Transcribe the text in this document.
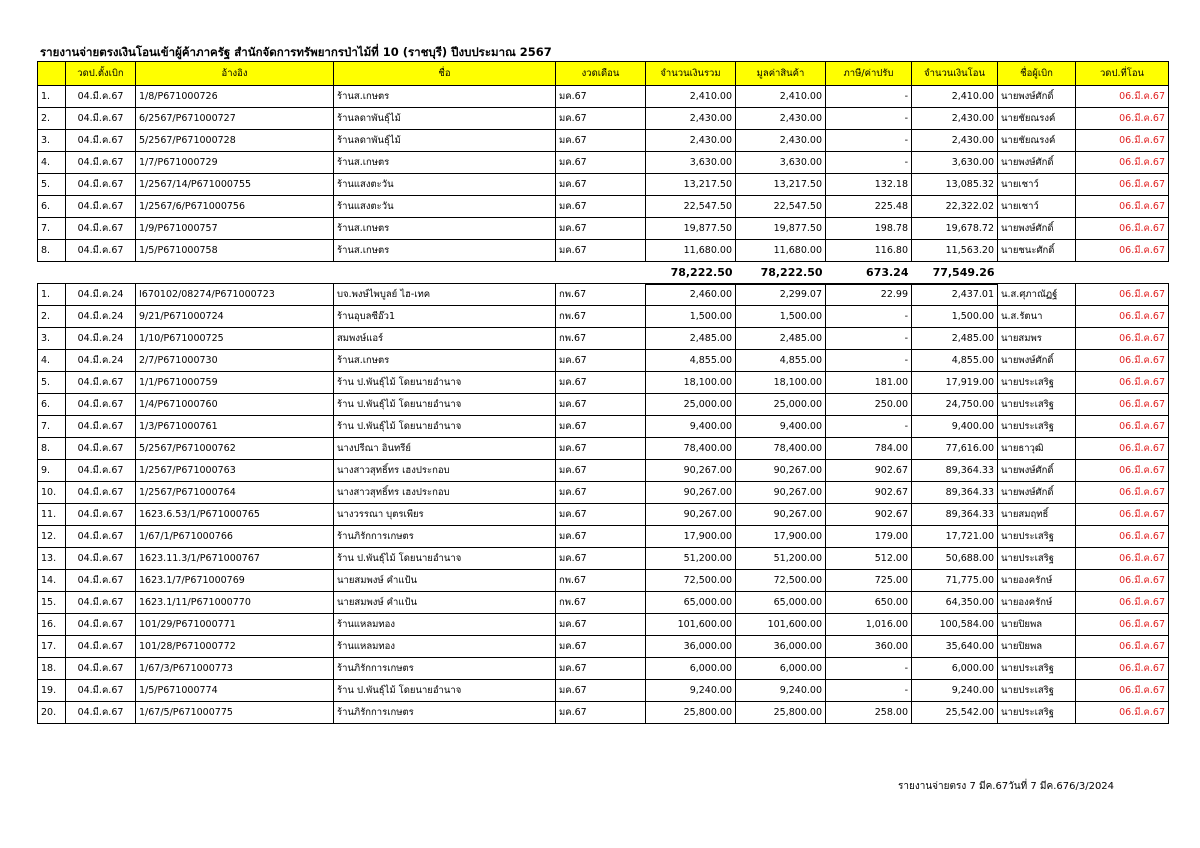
รายงานจ่ายตรงเงินโอนเข้าผู้ค้าภาครัฐ สำนักจัดการทรัพยากรป่าไม้ที่ 10 (ราชบุรี) ปีงบประมาณ 2567
	วดป.ตั้งเบิก	อ้างอิง	ชื่อ	งวดเดือน	จำนวนเงินรวม	มูลค่าสินค้า	ภาษี/ค่าปรับ	จำนวนเงินโอน	ชื่อผู้เบิก	วดป.ที่โอน
1.	04.มี.ค.67	1/8/P671000726	ร้านส.เกษตร	มค.67	2,410.00	2,410.00	-	2,410.00	นายพงษ์ศักดิ์	06.มี.ค.67
2.	04.มี.ค.67	6/2567/P671000727	ร้านลดาพันธุ์ไม้	มค.67	2,430.00	2,430.00	-	2,430.00	นายชัยณรงค์	06.มี.ค.67
3.	04.มี.ค.67	5/2567/P671000728	ร้านลดาพันธุ์ไม้	มค.67	2,430.00	2,430.00	-	2,430.00	นายชัยณรงค์	06.มี.ค.67
4.	04.มี.ค.67	1/7/P671000729	ร้านส.เกษตร	มค.67	3,630.00	3,630.00	-	3,630.00	นายพงษ์ศักดิ์	06.มี.ค.67
5.	04.มี.ค.67	1/2567/14/P671000755	ร้านแสงตะวัน	มค.67	13,217.50	13,217.50	132.18	13,085.32	นายเชาว์	06.มี.ค.67
6.	04.มี.ค.67	1/2567/6/P671000756	ร้านแสงตะวัน	มค.67	22,547.50	22,547.50	225.48	22,322.02	นายเชาว์	06.มี.ค.67
7.	04.มี.ค.67	1/9/P671000757	ร้านส.เกษตร	มค.67	19,877.50	19,877.50	198.78	19,678.72	นายพงษ์ศักดิ์	06.มี.ค.67
8.	04.มี.ค.67	1/5/P671000758	ร้านส.เกษตร	มค.67	11,680.00	11,680.00	116.80	11,563.20	นายชนะศักดิ์	06.มี.ค.67
					78,222.50	78,222.50	673.24	77,549.26		
1.	04.มี.ค.24	I670102/08274/P671000723	บจ.พงษ์ไพบูลย์ ไฮ-เทค	กพ.67	2,460.00	2,299.07	22.99	2,437.01	น.ส.ศุภาณัฏฐ์	06.มี.ค.67
2.	04.มี.ค.24	9/21/P671000724	ร้านอุบลซีอ๊ว1	กพ.67	1,500.00	1,500.00	-	1,500.00	น.ส.รัตนา	06.มี.ค.67
3.	04.มี.ค.24	1/10/P671000725	สมพงษ์แอร์	กพ.67	2,485.00	2,485.00	-	2,485.00	นายสมพร	06.มี.ค.67
4.	04.มี.ค.24	2/7/P671000730	ร้านส.เกษตร	มค.67	4,855.00	4,855.00	-	4,855.00	นายพงษ์ศักดิ์	06.มี.ค.67
5.	04.มี.ค.67	1/1/P671000759	ร้าน ป.พันธุ์ไม้ โดยนายอำนาจ	มค.67	18,100.00	18,100.00	181.00	17,919.00	นายประเสริฐ	06.มี.ค.67
6.	04.มี.ค.67	1/4/P671000760	ร้าน ป.พันธุ์ไม้ โดยนายอำนาจ	มค.67	25,000.00	25,000.00	250.00	24,750.00	นายประเสริฐ	06.มี.ค.67
7.	04.มี.ค.67	1/3/P671000761	ร้าน ป.พันธุ์ไม้ โดยนายอำนาจ	มค.67	9,400.00	9,400.00	-	9,400.00	นายประเสริฐ	06.มี.ค.67
8.	04.มี.ค.67	5/2567/P671000762	นางปรีณา อินทรีย์	มค.67	78,400.00	78,400.00	784.00	77,616.00	นายธาวุฒิ	06.มี.ค.67
9.	04.มี.ค.67	1/2567/P671000763	นางสาวสุทธิ์ทร เฮงประกอบ	มค.67	90,267.00	90,267.00	902.67	89,364.33	นายพงษ์ศักดิ์	06.มี.ค.67
10.	04.มี.ค.67	1/2567/P671000764	นางสาวสุทธิ์ทร เฮงประกอบ	มค.67	90,267.00	90,267.00	902.67	89,364.33	นายพงษ์ศักดิ์	06.มี.ค.67
11.	04.มี.ค.67	1623.6.53/1/P671000765	นางวรรณา บุตรเพียร	มค.67	90,267.00	90,267.00	902.67	89,364.33	นายสมฤทธิ์	06.มี.ค.67
12.	04.มี.ค.67	1/67/1/P671000766	ร้านภิรักการเกษตร	มค.67	17,900.00	17,900.00	179.00	17,721.00	นายประเสริฐ	06.มี.ค.67
13.	04.มี.ค.67	1623.11.3/1/P671000767	ร้าน ป.พันธุ์ไม้ โดยนายอำนาจ	มค.67	51,200.00	51,200.00	512.00	50,688.00	นายประเสริฐ	06.มี.ค.67
14.	04.มี.ค.67	1623.1/7/P671000769	นายสมพงษ์ คำแป้น	กพ.67	72,500.00	72,500.00	725.00	71,775.00	นายองครักษ์	06.มี.ค.67
15.	04.มี.ค.67	1623.1/11/P671000770	นายสมพงษ์ คำแป้น	กพ.67	65,000.00	65,000.00	650.00	64,350.00	นายองครักษ์	06.มี.ค.67
16.	04.มี.ค.67	101/29/P671000771	ร้านแหลมทอง	มค.67	101,600.00	101,600.00	1,016.00	100,584.00	นายปิยพล	06.มี.ค.67
17.	04.มี.ค.67	101/28/P671000772	ร้านแหลมทอง	มค.67	36,000.00	36,000.00	360.00	35,640.00	นายปิยพล	06.มี.ค.67
18.	04.มี.ค.67	1/67/3/P671000773	ร้านภิรักการเกษตร	มค.67	6,000.00	6,000.00	-	6,000.00	นายประเสริฐ	06.มี.ค.67
19.	04.มี.ค.67	1/5/P671000774	ร้าน ป.พันธุ์ไม้ โดยนายอำนาจ	มค.67	9,240.00	9,240.00	-	9,240.00	นายประเสริฐ	06.มี.ค.67
20.	04.มี.ค.67	1/67/5/P671000775	ร้านภิรักการเกษตร	มค.67	25,800.00	25,800.00	258.00	25,542.00	นายประเสริฐ	06.มี.ค.67
รายงานจ่ายตรง 7 มีค.67วันที่ 7 มีค.676/3/2024
